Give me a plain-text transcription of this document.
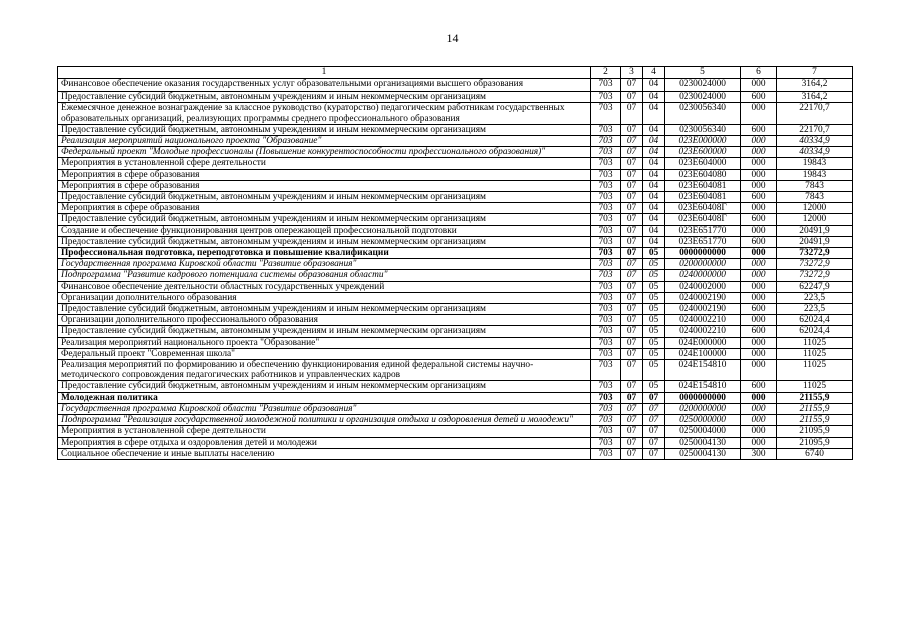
14
1	2	3	4	5	6	7
Финансовое обеспечение оказания государственных услуг образовательными организациями высшего образования	703	07	04	0230024000	000	3164,2
Предоставление субсидий бюджетным, автономным учреждениям и иным некоммерческим организациям	703	07	04	0230024000	600	3164,2
Ежемесячное денежное вознаграждение за классное руководство (кураторство) педагогическим работникам государственных образовательных организаций, реализующих программы среднего профессионального образования	703	07	04	0230056340	000	22170,7
Предоставление субсидий бюджетным, автономным учреждениям и иным некоммерческим организациям	703	07	04	0230056340	600	22170,7
Реализация мероприятий национального проекта "Образование"	703	07	04	023E000000	000	40334,9
Федеральный проект "Молодые профессионалы (Повышение конкурентоспособности профессионального образования)"	703	07	04	023E600000	000	40334,9
Мероприятия в установленной сфере деятельности	703	07	04	023E604000	000	19843
Мероприятия в сфере образования	703	07	04	023E604080	000	19843
Мероприятия в сфере образования	703	07	04	023E604081	000	7843
Предоставление субсидий бюджетным, автономным учреждениям и иным некоммерческим организациям	703	07	04	023E604081	600	7843
Мероприятия в сфере образования	703	07	04	023E60408Г	000	12000
Предоставление субсидий бюджетным, автономным учреждениям и иным некоммерческим организациям	703	07	04	023E60408Г	600	12000
Создание и обеспечение функционирования центров опережающей профессиональной подготовки	703	07	04	023E651770	000	20491,9
Предоставление субсидий бюджетным, автономным учреждениям и иным некоммерческим организациям	703	07	04	023E651770	600	20491,9
Профессиональная подготовка, переподготовка и повышение квалификации	703	07	05	0000000000	000	73272,9
Государственная программа Кировской области "Развитие образования"	703	07	05	0200000000	000	73272,9
Подпрограмма "Развитие кадрового потенциала системы образования области"	703	07	05	0240000000	000	73272,9
Финансовое обеспечение деятельности областных государственных учреждений	703	07	05	0240002000	000	62247,9
Организации дополнительного образования	703	07	05	0240002190	000	223,5
Предоставление субсидий бюджетным, автономным учреждениям и иным некоммерческим организациям	703	07	05	0240002190	600	223,5
Организации дополнительного профессионального образования	703	07	05	0240002210	000	62024,4
Предоставление субсидий бюджетным, автономным учреждениям и иным некоммерческим организациям	703	07	05	0240002210	600	62024,4
Реализация мероприятий национального проекта "Образование"	703	07	05	024E000000	000	11025
Федеральный проект "Современная школа"	703	07	05	024E100000	000	11025
Реализация мероприятий по формированию и обеспечению функционирования единой федеральной системы научно-методического сопровождения педагогических работников и управленческих кадров	703	07	05	024E154810	000	11025
Предоставление субсидий бюджетным, автономным учреждениям и иным некоммерческим организациям	703	07	05	024E154810	600	11025
Молодежная политика	703	07	07	0000000000	000	21155,9
Государственная программа Кировской области "Развитие образования"	703	07	07	0200000000	000	21155,9
Подпрограмма "Реализация государственной молодежной политики и организация отдыха и оздоровления детей и молодежи"	703	07	07	0250000000	000	21155,9
Мероприятия в установленной сфере деятельности	703	07	07	0250004000	000	21095,9
Мероприятия в сфере отдыха и оздоровления детей и молодежи	703	07	07	0250004130	000	21095,9
Социальное обеспечение и иные выплаты населению	703	07	07	0250004130	300	6740
